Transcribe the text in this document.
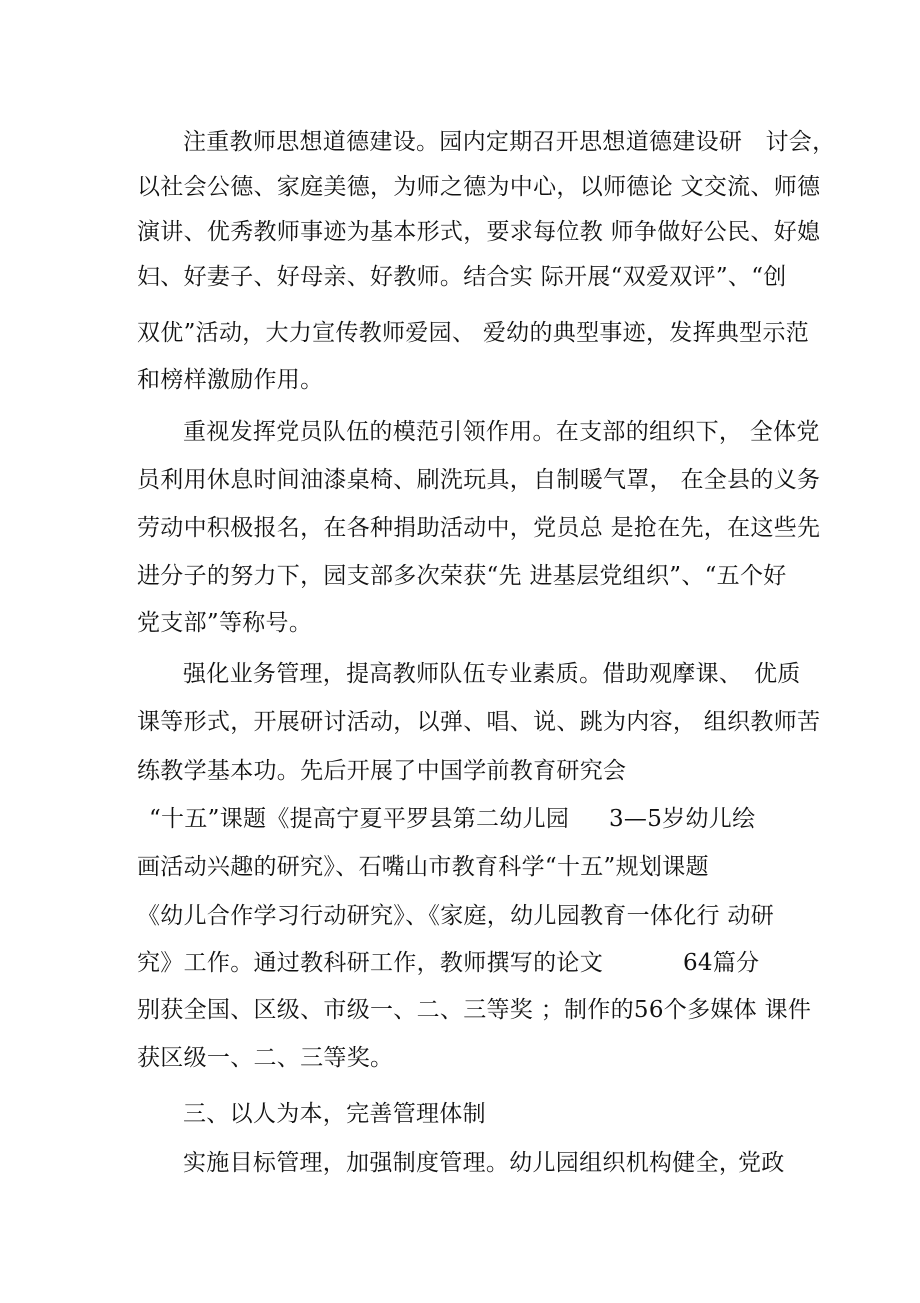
注重教师思想道德建设。园内定期召开思想道德建设研　讨会，
以社会公德、家庭美德，为师之德为中心，以师德论 文交流、师德
演讲、优秀教师事迹为基本形式，要求每位教 师争做好公民、好媳
妇、好妻子、好母亲、好教师。结合实 际开展“双爱双评”、“创
双优”活动，大力宣传教师爱园、 爱幼的典型事迹，发挥典型示范
和榜样激励作用。
重视发挥党员队伍的模范引领作用。在支部的组织下， 全体党
员利用休息时间油漆桌椅、刷洗玩具，自制暖气罩， 在全县的义务
劳动中积极报名，在各种捐助活动中，党员总 是抢在先，在这些先
进分子的努力下，园支部多次荣获“先 进基层党组织”、“五个好
党支部”等称号。
强化业务管理，提高教师队伍专业素质。借助观摩课、　优质
课等形式，开展研讨活动，以弹、唱、说、跳为内容， 组织教师苦
练教学基本功。先后开展了中国学前教育研究会

“十五”课题《提高宁夏平罗县第二幼儿园

3—5岁幼儿绘

画活动兴趣的研究》、石嘴山市教育科学“十五”规划课题
《幼儿合作学习行动研究》、《家庭，幼儿园教育一体化行 动研

究》工作。通过教科研工作，教师撰写的论文

	64篇分

别获全国、区级、市级一、二、三等奖 ；制作的56个多媒体 课件
获区级一、二、三等奖。
三、以人为本，完善管理体制

实施目标管理，加强制度管理。幼儿园组织机构健全，

党政
